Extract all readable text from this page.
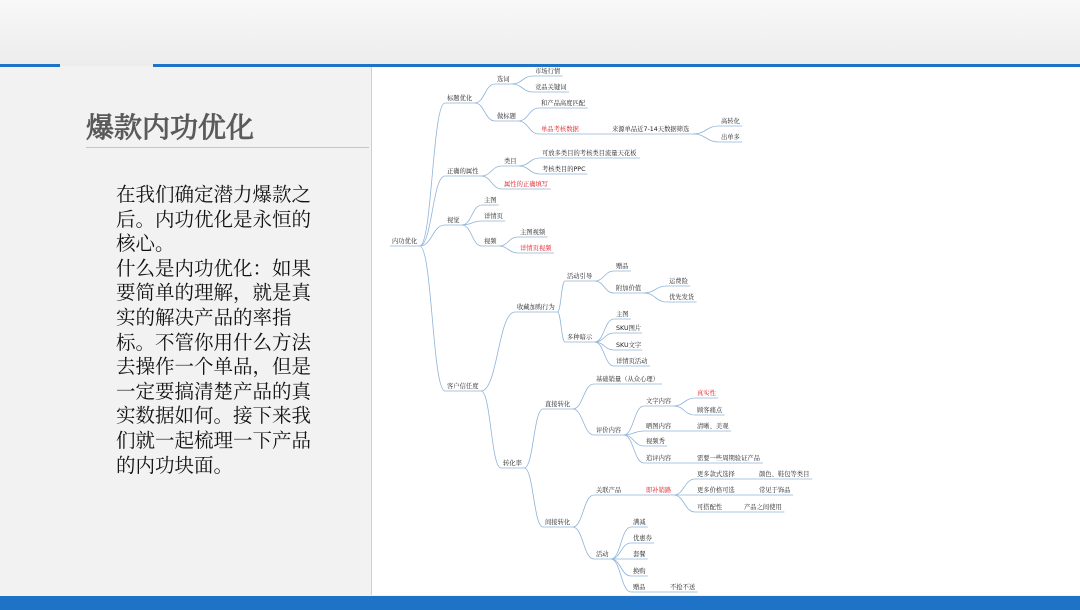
爆款内功优化

在我们确定潜力爆款之后。内功优化是永恒的核心。
什么是内功优化：如果要简单的理解，就是真实的解决产品的率指标。不管你用什么方法去操作一个单品，但是一定要搞清楚产品的真实数据如何。接下来我们就一起梳理一下产品的内功块面。

内功优化
标题优化
选词
市场行情
竞品关键词
做标题
和产品高度匹配
单品考核数据	来源单品近7-14天数据筛选
高转化
出单多
正确的属性
类目
可放多类目的考核类目流量天花板
考核类目的PPC
属性的正确填写
视觉
主图
详情页
视频
主图视频
详情页视频
客户信任度
收藏加购行为
活动引导
赠品
附加价值
运费险
优先发货
多种暗示
主图
SKU图片
SKU文字
详情页活动
转化率
直接转化
基础销量（从众心理）
评价内容
文字内容
真实性
顾客痛点
晒图内容	清晰、美观
视频秀
追评内容	需要一些周期验证产品
间接转化
关联产品	即补销路
更多款式选择	颜色、鞋包等类目
更多价格可选	常见于饰品
可搭配性	产品之间使用
活动
满减
优惠券
套餐
换购
赠品	不抢不送
